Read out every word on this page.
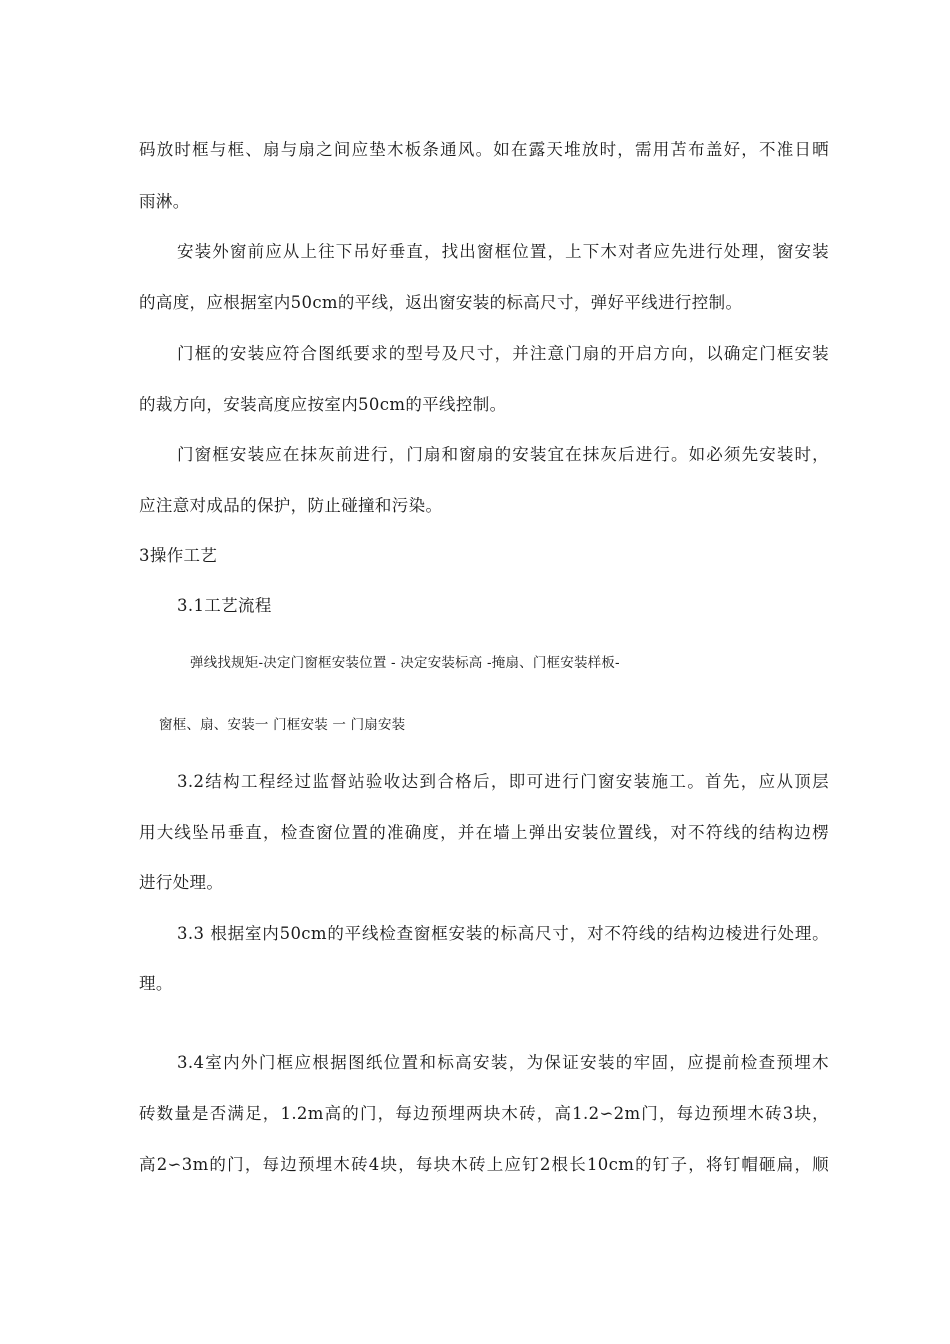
码放时框与框、扇与扇之间应垫木板条通风。如在露天堆放时，需用苫布盖好，不准日晒
雨淋。
安装外窗前应从上往下吊好垂直，找出窗框位置，上下木对者应先进行处理，窗安装
的高度，应根据室内50cm的平线，返出窗安装的标高尺寸，弹好平线进行控制。
门框的安装应符合图纸要求的型号及尺寸，并注意门扇的开启方向，以确定门框安装
的裁方向，安装高度应按室内50cm的平线控制。
门窗框安装应在抹灰前进行，门扇和窗扇的安装宜在抹灰后进行。如必须先安装时，
应注意对成品的保护，防止碰撞和污染。
3操作工艺
3.1工艺流程
弹线找规矩-决定门窗框安装位置 - 决定安装标高 -掩扇、门框安装样板-
窗框、扇、安装一 门框安装 一 门扇安装
3.2结构工程经过监督站验收达到合格后，即可进行门窗安装施工。首先，应从顶层
用大线坠吊垂直，检查窗位置的准确度，并在墙上弹出安装位置线，对不符线的结构边楞
进行处理。
3.3 根据室内50cm的平线检查窗框安装的标高尺寸，对不符线的结构边棱进行处理。
理。
3.4室内外门框应根据图纸位置和标高安装，为保证安装的牢固，应提前检查预埋木
砖数量是否满足，1.2m高的门，每边预埋两块木砖，高1.2∽2m门，每边预埋木砖3块，
高2∽3m的门，每边预埋木砖4块，每块木砖上应钉2根长10cm的钉子，将钉帽砸扁，顺
